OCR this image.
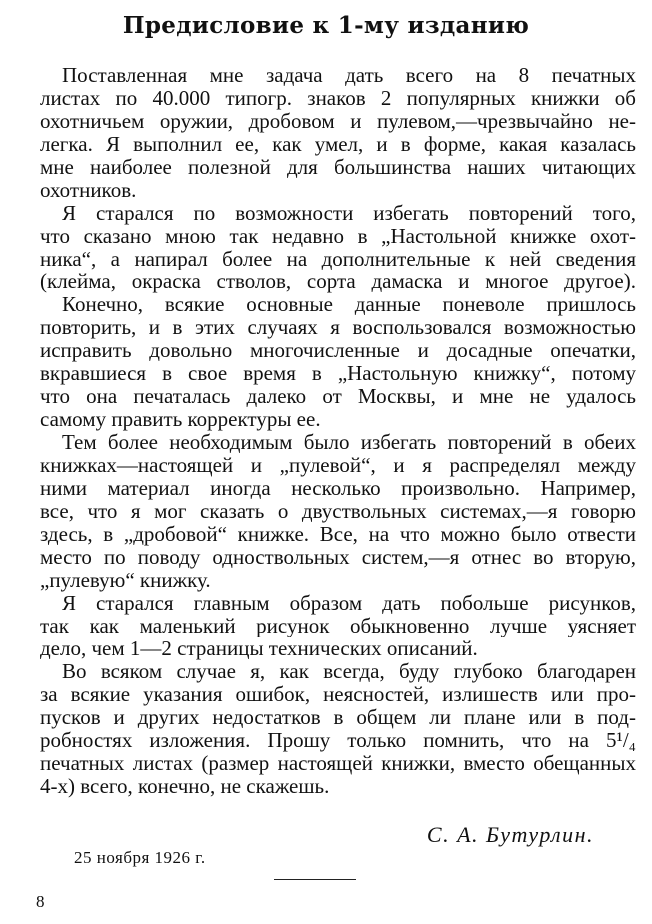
Предисловие к 1-му изданию
Поставленная мне задача дать всего на 8 печатных
листах по 40.000 типогр. знаков 2 популярных книжки об
охотничьем оружии, дробовом и пулевом,—чрезвычайно не-
легка. Я выполнил ее, как умел, и в форме, какая казалась
мне наиболее полезной для большинства наших читающих
охотников.
Я старался по возможности избегать повторений того,
что сказано мною так недавно в „Настольной книжке охот-
ника“, а напирал более на дополнительные к ней сведения
(клейма, окраска стволов, сорта дамаска и многое другое).
Конечно, всякие основные данные поневоле пришлось
повторить, и в этих случаях я воспользовался возможностью
исправить довольно многочисленные и досадные опечатки,
вкравшиеся в свое время в „Настольную книжку“, потому
что она печаталась далеко от Москвы, и мне не удалось
самому править корректуры ее.
Тем более необходимым было избегать повторений в обеих
книжках—настоящей и „пулевой“, и я распределял между
ними материал иногда несколько произвольно. Например,
все, что я мог сказать о двуствольных системах,—я говорю
здесь, в „дробовой“ книжке. Все, на что можно было отвести
место по поводу одноствольных систем,—я отнес во вторую,
„пулевую“ книжку.
Я старался главным образом дать побольше рисунков,
так как маленький рисунок обыкновенно лучше уясняет
дело, чем 1—2 страницы технических описаний.
Во всяком случае я, как всегда, буду глубоко благодарен
за всякие указания ошибок, неясностей, излишеств или про-
пусков и других недостатков в общем ли плане или в под-
робностях изложения. Прошу только помнить, что на 5¹/₄
печатных листах (размер настоящей книжки, вместо обещанных
4-х) всего, конечно, не скажешь.
С. А. Бутурлин.
25 ноября 1926 г.
8
